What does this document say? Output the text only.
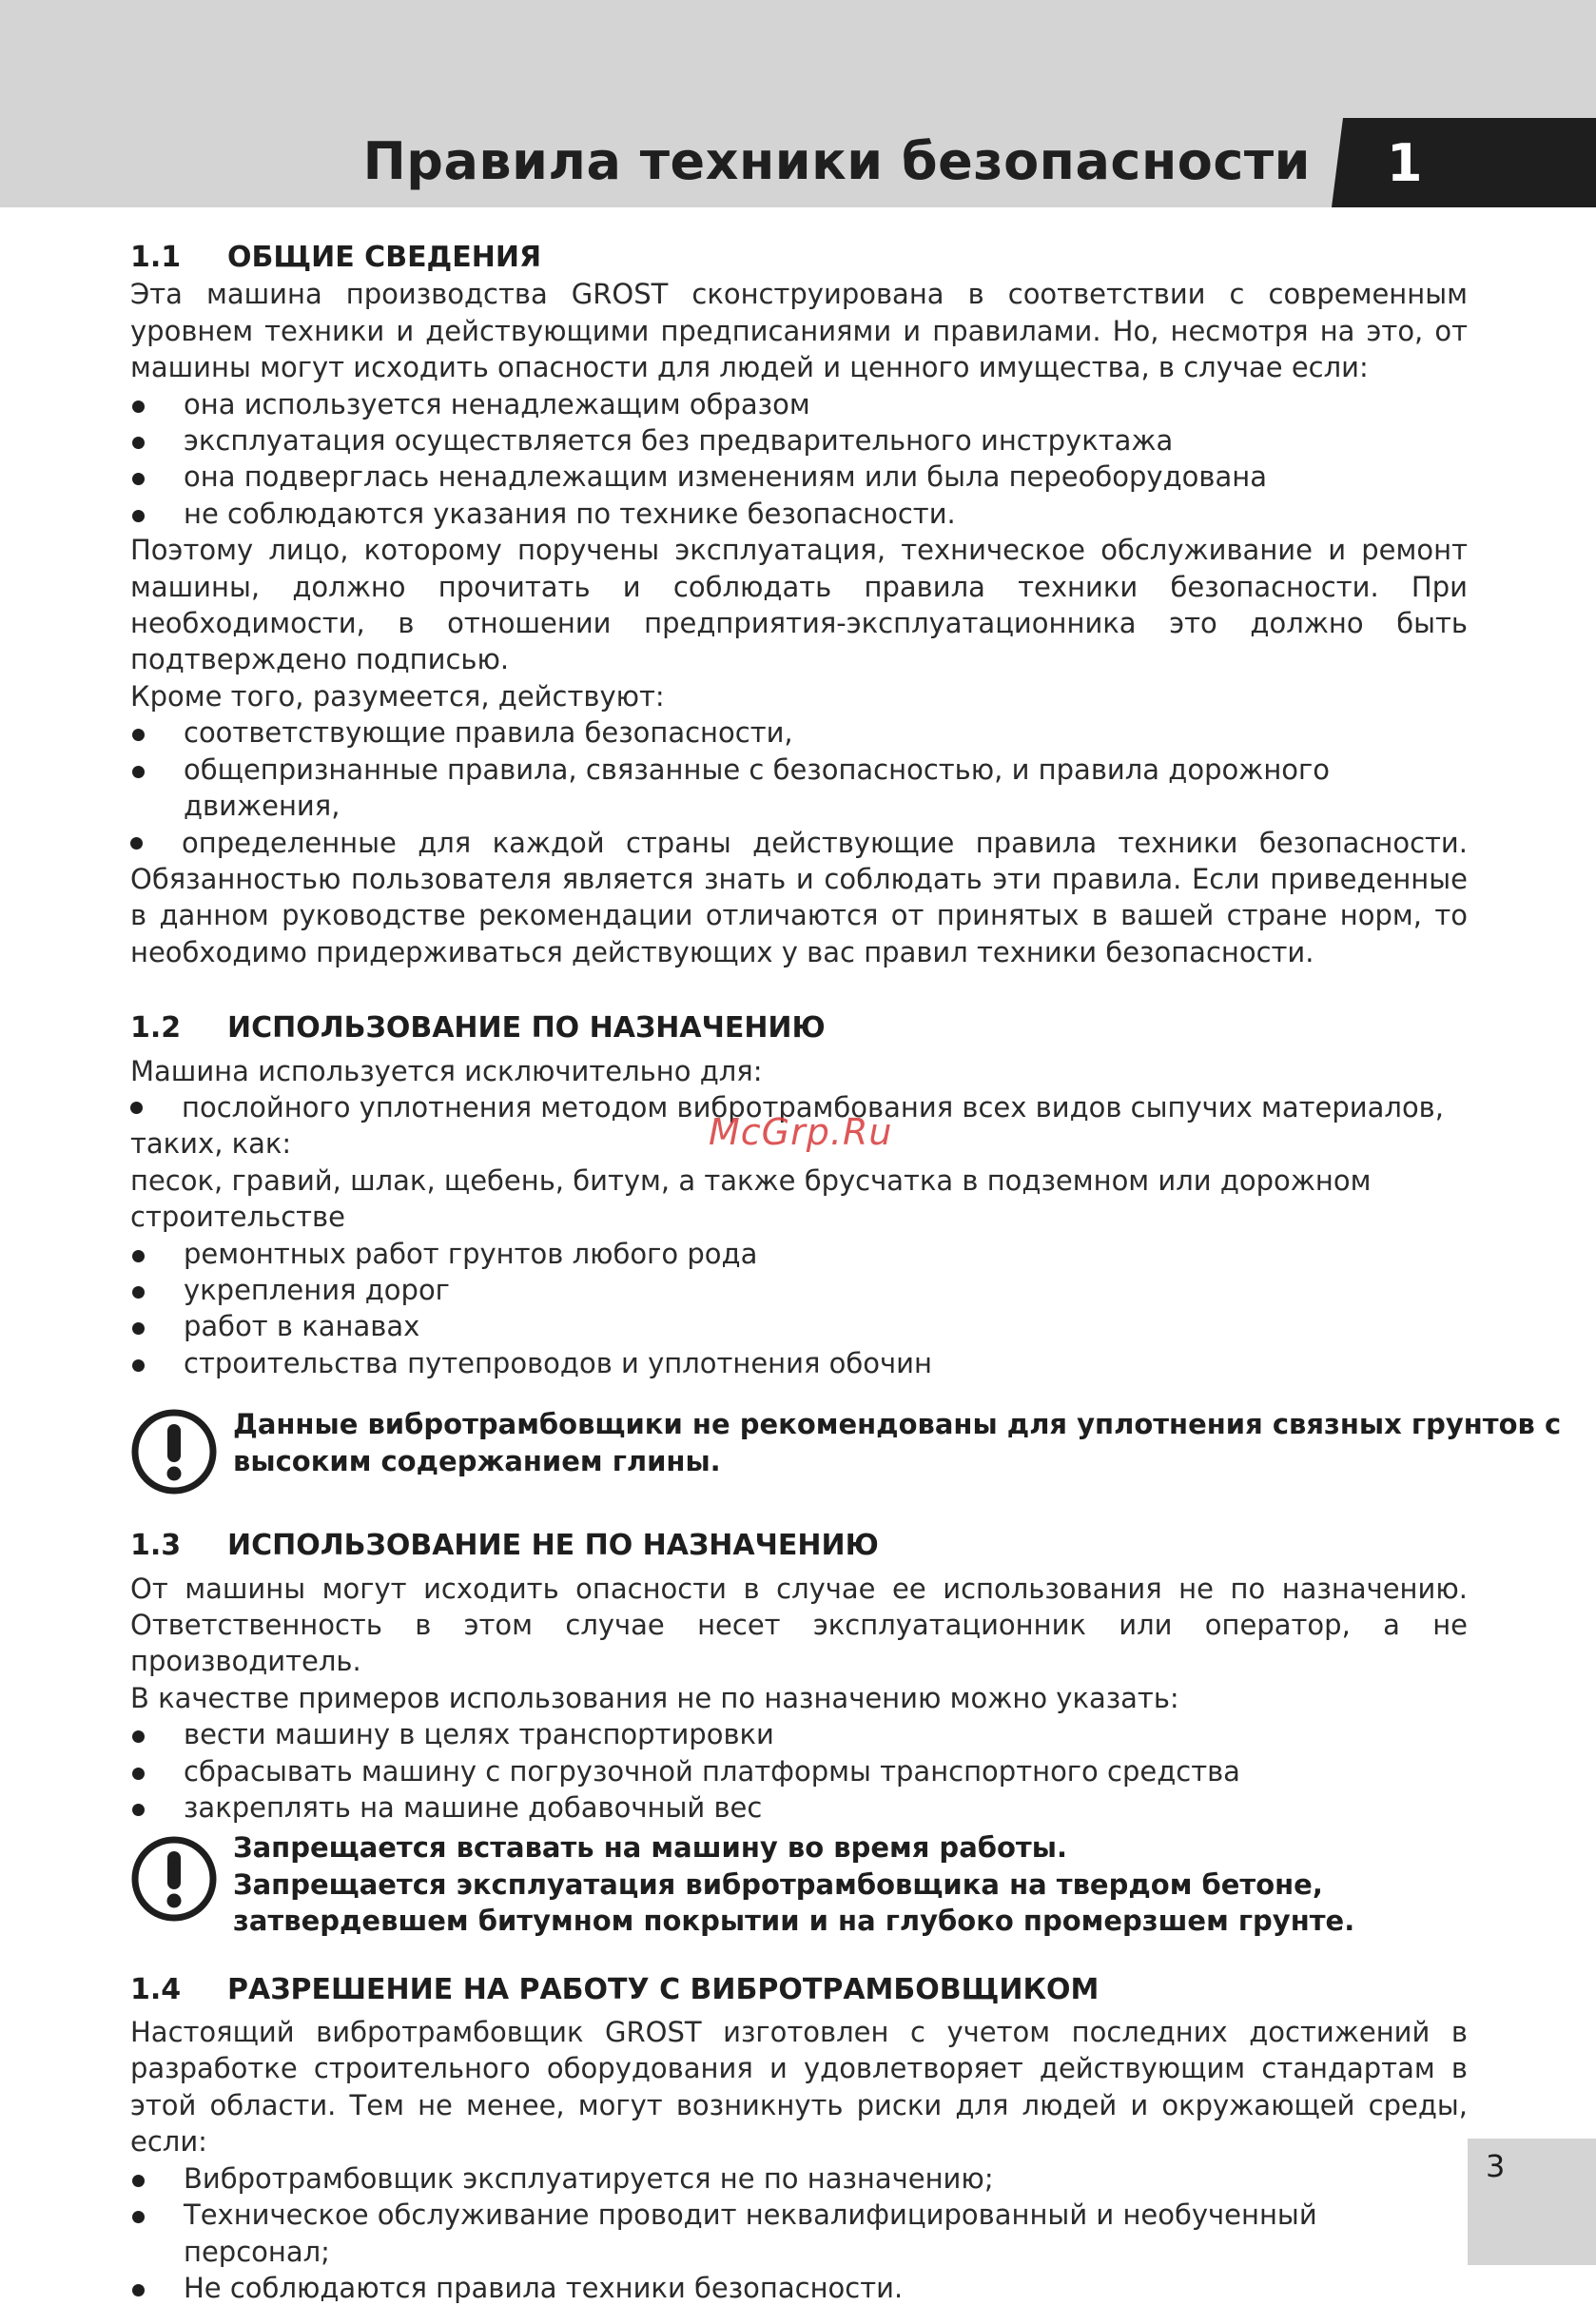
Правила техники безопасности 1
1.1 ОБЩИЕ СВЕДЕНИЯ

Эта машина производства GROST сконструирована в соответствии с современным уровнем техники и действующими предписаниями и правилами. Но, несмотря на это, от машины могут исходить опасности для людей и ценного имущества, в случае если:

она используется ненадлежащим образом
эксплуатация осуществляется без предварительного инструктажа
она подверглась ненадлежащим изменениям или была переоборудована
не соблюдаются указания по технике безопасности.

Поэтому лицо, которому поручены эксплуатация, техническое обслуживание и ремонт машины, должно прочитать и соблюдать правила техники безопасности. При необходимости, в отношении предприятия-эксплуатационника это должно быть подтверждено подписью.

Кроме того, разумеется, действуют:

соответствующие правила безопасности,
общепризнанные правила, связанные с безопасностью, и правила дорожного движения,

определенные для каждой страны действующие правила техники безопасности. Обязанностью пользователя является знать и соблюдать эти правила. Если приведенные в данном руководстве рекомендации отличаются от принятых в вашей стране норм, то необходимо придерживаться действующих у вас правил техники безопасности.

1.2 ИСПОЛЬЗОВАНИЕ ПО НАЗНАЧЕНИЮ

Машина используется исключительно для:

послойного уплотнения методом вибротрамбования всех видов сыпучих материалов, таких, как:

песок, гравий, шлак, щебень, битум, а также брусчатка в подземном или дорожном строительстве

ремонтных работ грунтов любого рода
укрепления дорог
работ в канавах
строительства путепроводов и уплотнения обочин
Данные вибротрамбовщики не рекомендованы для уплотнения связных грунтов с
высоким содержанием глины.
1.3 ИСПОЛЬЗОВАНИЕ НЕ ПО НАЗНАЧЕНИЮ

От машины могут исходить опасности в случае ее использования не по назначению. Ответственность в этом случае несет эксплуатационник или оператор, а не производитель.

В качестве примеров использования не по назначению можно указать:

вести машину в целях транспортировки
сбрасывать машину с погрузочной платформы транспортного средства
закреплять на машине добавочный вес
Запрещается вставать на машину во время работы.
Запрещается эксплуатация вибротрамбовщика на твердом бетоне,
затвердевшем битумном покрытии и на глубоко промерзшем грунте.
1.4 РАЗРЕШЕНИЕ НА РАБОТУ С ВИБРОТРАМБОВЩИКОМ

Настоящий вибротрамбовщик GROST изготовлен с учетом последних достижений в разработке строительного оборудования и удовлетворяет действующим стандартам в этой области. Тем не менее, могут возникнуть риски для людей и окружающей среды, если:

Вибротрамбовщик эксплуатируется не по назначению;
Техническое обслуживание проводит неквалифицированный и необученный персонал;
Не соблюдаются правила техники безопасности.
McGrp.Ru
3
